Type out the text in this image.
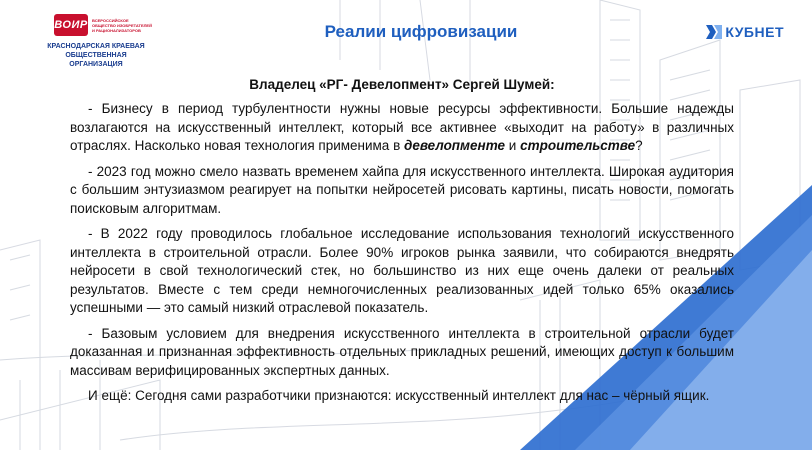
ВОИР ВСЕРОССИЙСКОЕ ОБЩЕСТВО ИЗОБРЕТАТЕЛЕЙ И РАЦИОНАЛИЗАТОРОВ
КРАСНОДАРСКАЯ КРАЕВАЯ ОБЩЕСТВЕННАЯ ОРГАНИЗАЦИЯ
Реалии цифровизации	КУБНЕТ
Владелец «РГ- Девелопмент» Сергей Шумей:

- Бизнесу в период турбулентности нужны новые ресурсы эффективности. Большие надежды возлагаются на искусственный интеллект, который все активнее «выходит на работу» в различных отраслях. Насколько новая технология применима в девелопменте и строительстве?

- 2023 год можно смело назвать временем хайпа для искусственного интеллекта. Широкая аудитория с большим энтузиазмом реагирует на попытки нейросетей рисовать картины, писать новости, помогать поисковым алгоритмам.

- В 2022 году проводилось глобальное исследование использования технологий искусственного интеллекта в строительной отрасли. Более 90% игроков рынка заявили, что собираются внедрять нейросети в свой технологический стек, но большинство из них еще очень далеки от реальных результатов. Вместе с тем среди немногочисленных реализованных идей только 65% оказались успешными — это самый низкий отраслевой показатель.

- Базовым условием для внедрения искусственного интеллекта в строительной отрасли будет доказанная и признанная эффективность отдельных прикладных решений, имеющих доступ к большим массивам верифицированных экспертных данных.

И ещё: Сегодня сами разработчики признаются: искусственный интеллект для нас – чёрный ящик.
